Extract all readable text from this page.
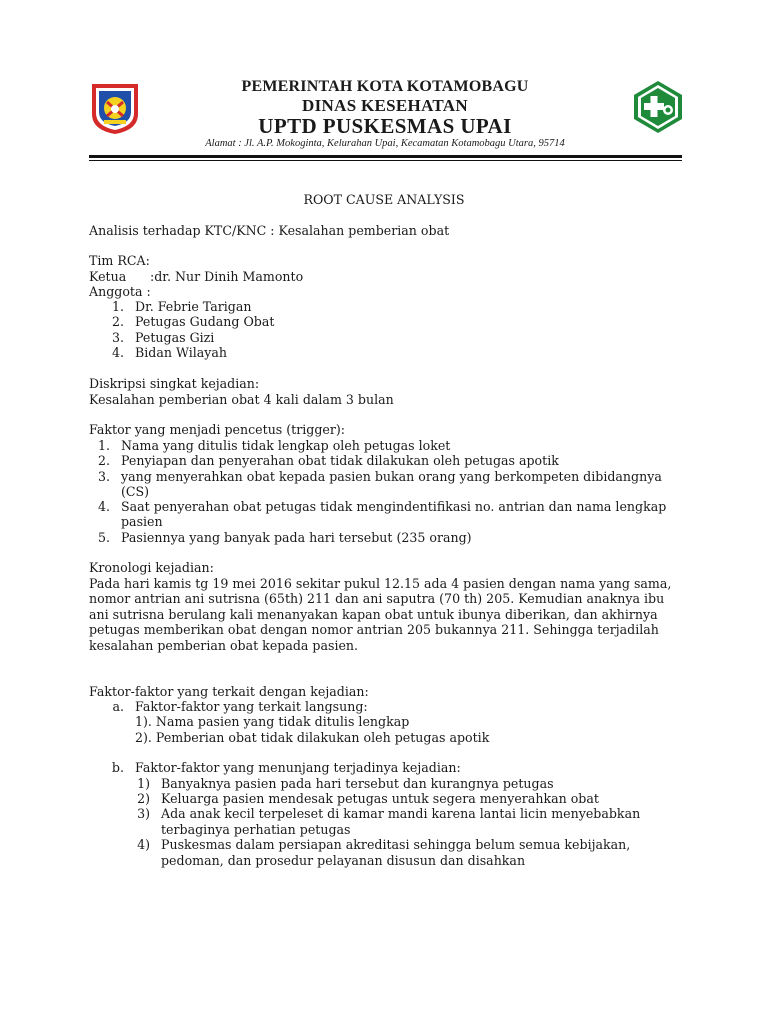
PEMERINTAH KOTA KOTAMOBAGU
DINAS KESEHATAN
UPTD PUSKESMAS UPAI
Alamat : Jl. A.P. Mokoginta, Kelurahan Upai, Kecamatan Kotamobagu Utara, 95714
ROOT CAUSE ANALYSIS
Analisis terhadap KTC/KNC : Kesalahan pemberian obat
Tim RCA:
Ketua :dr. Nur Dinih Mamonto
Anggota :
1. Dr. Febrie Tarigan
2. Petugas Gudang Obat
3. Petugas Gizi
4. Bidan Wilayah
Diskripsi singkat kejadian:
Kesalahan pemberian obat 4 kali dalam 3 bulan
Faktor yang menjadi pencetus (trigger):
1. Nama yang ditulis tidak lengkap oleh petugas loket
2. Penyiapan dan penyerahan obat tidak dilakukan oleh petugas apotik
3. yang menyerahkan obat kepada pasien bukan orang yang berkompeten dibidangnya
(CS)
4. Saat penyerahan obat petugas tidak mengindentifikasi no. antrian dan nama lengkap
pasien
5. Pasiennya yang banyak pada hari tersebut (235 orang)
Kronologi kejadian:
Pada hari kamis tg 19 mei 2016 sekitar pukul 12.15 ada 4 pasien dengan nama yang sama,
nomor antrian ani sutrisna (65th) 211 dan ani saputra (70 th) 205. Kemudian anaknya ibu
ani sutrisna berulang kali menanyakan kapan obat untuk ibunya diberikan, dan akhirnya
petugas memberikan obat dengan nomor antrian 205 bukannya 211. Sehingga terjadilah
kesalahan pemberian obat kepada pasien.
Faktor-faktor yang terkait dengan kejadian:
a. Faktor-faktor yang terkait langsung:
1). Nama pasien yang tidak ditulis lengkap
2). Pemberian obat tidak dilakukan oleh petugas apotik
b. Faktor-faktor yang menunjang terjadinya kejadian:
1) Banyaknya pasien pada hari tersebut dan kurangnya petugas
2) Keluarga pasien mendesak petugas untuk segera menyerahkan obat
3) Ada anak kecil terpeleset di kamar mandi karena lantai licin menyebabkan
terbaginya perhatian petugas
4) Puskesmas dalam persiapan akreditasi sehingga belum semua kebijakan,
pedoman, dan prosedur pelayanan disusun dan disahkan
